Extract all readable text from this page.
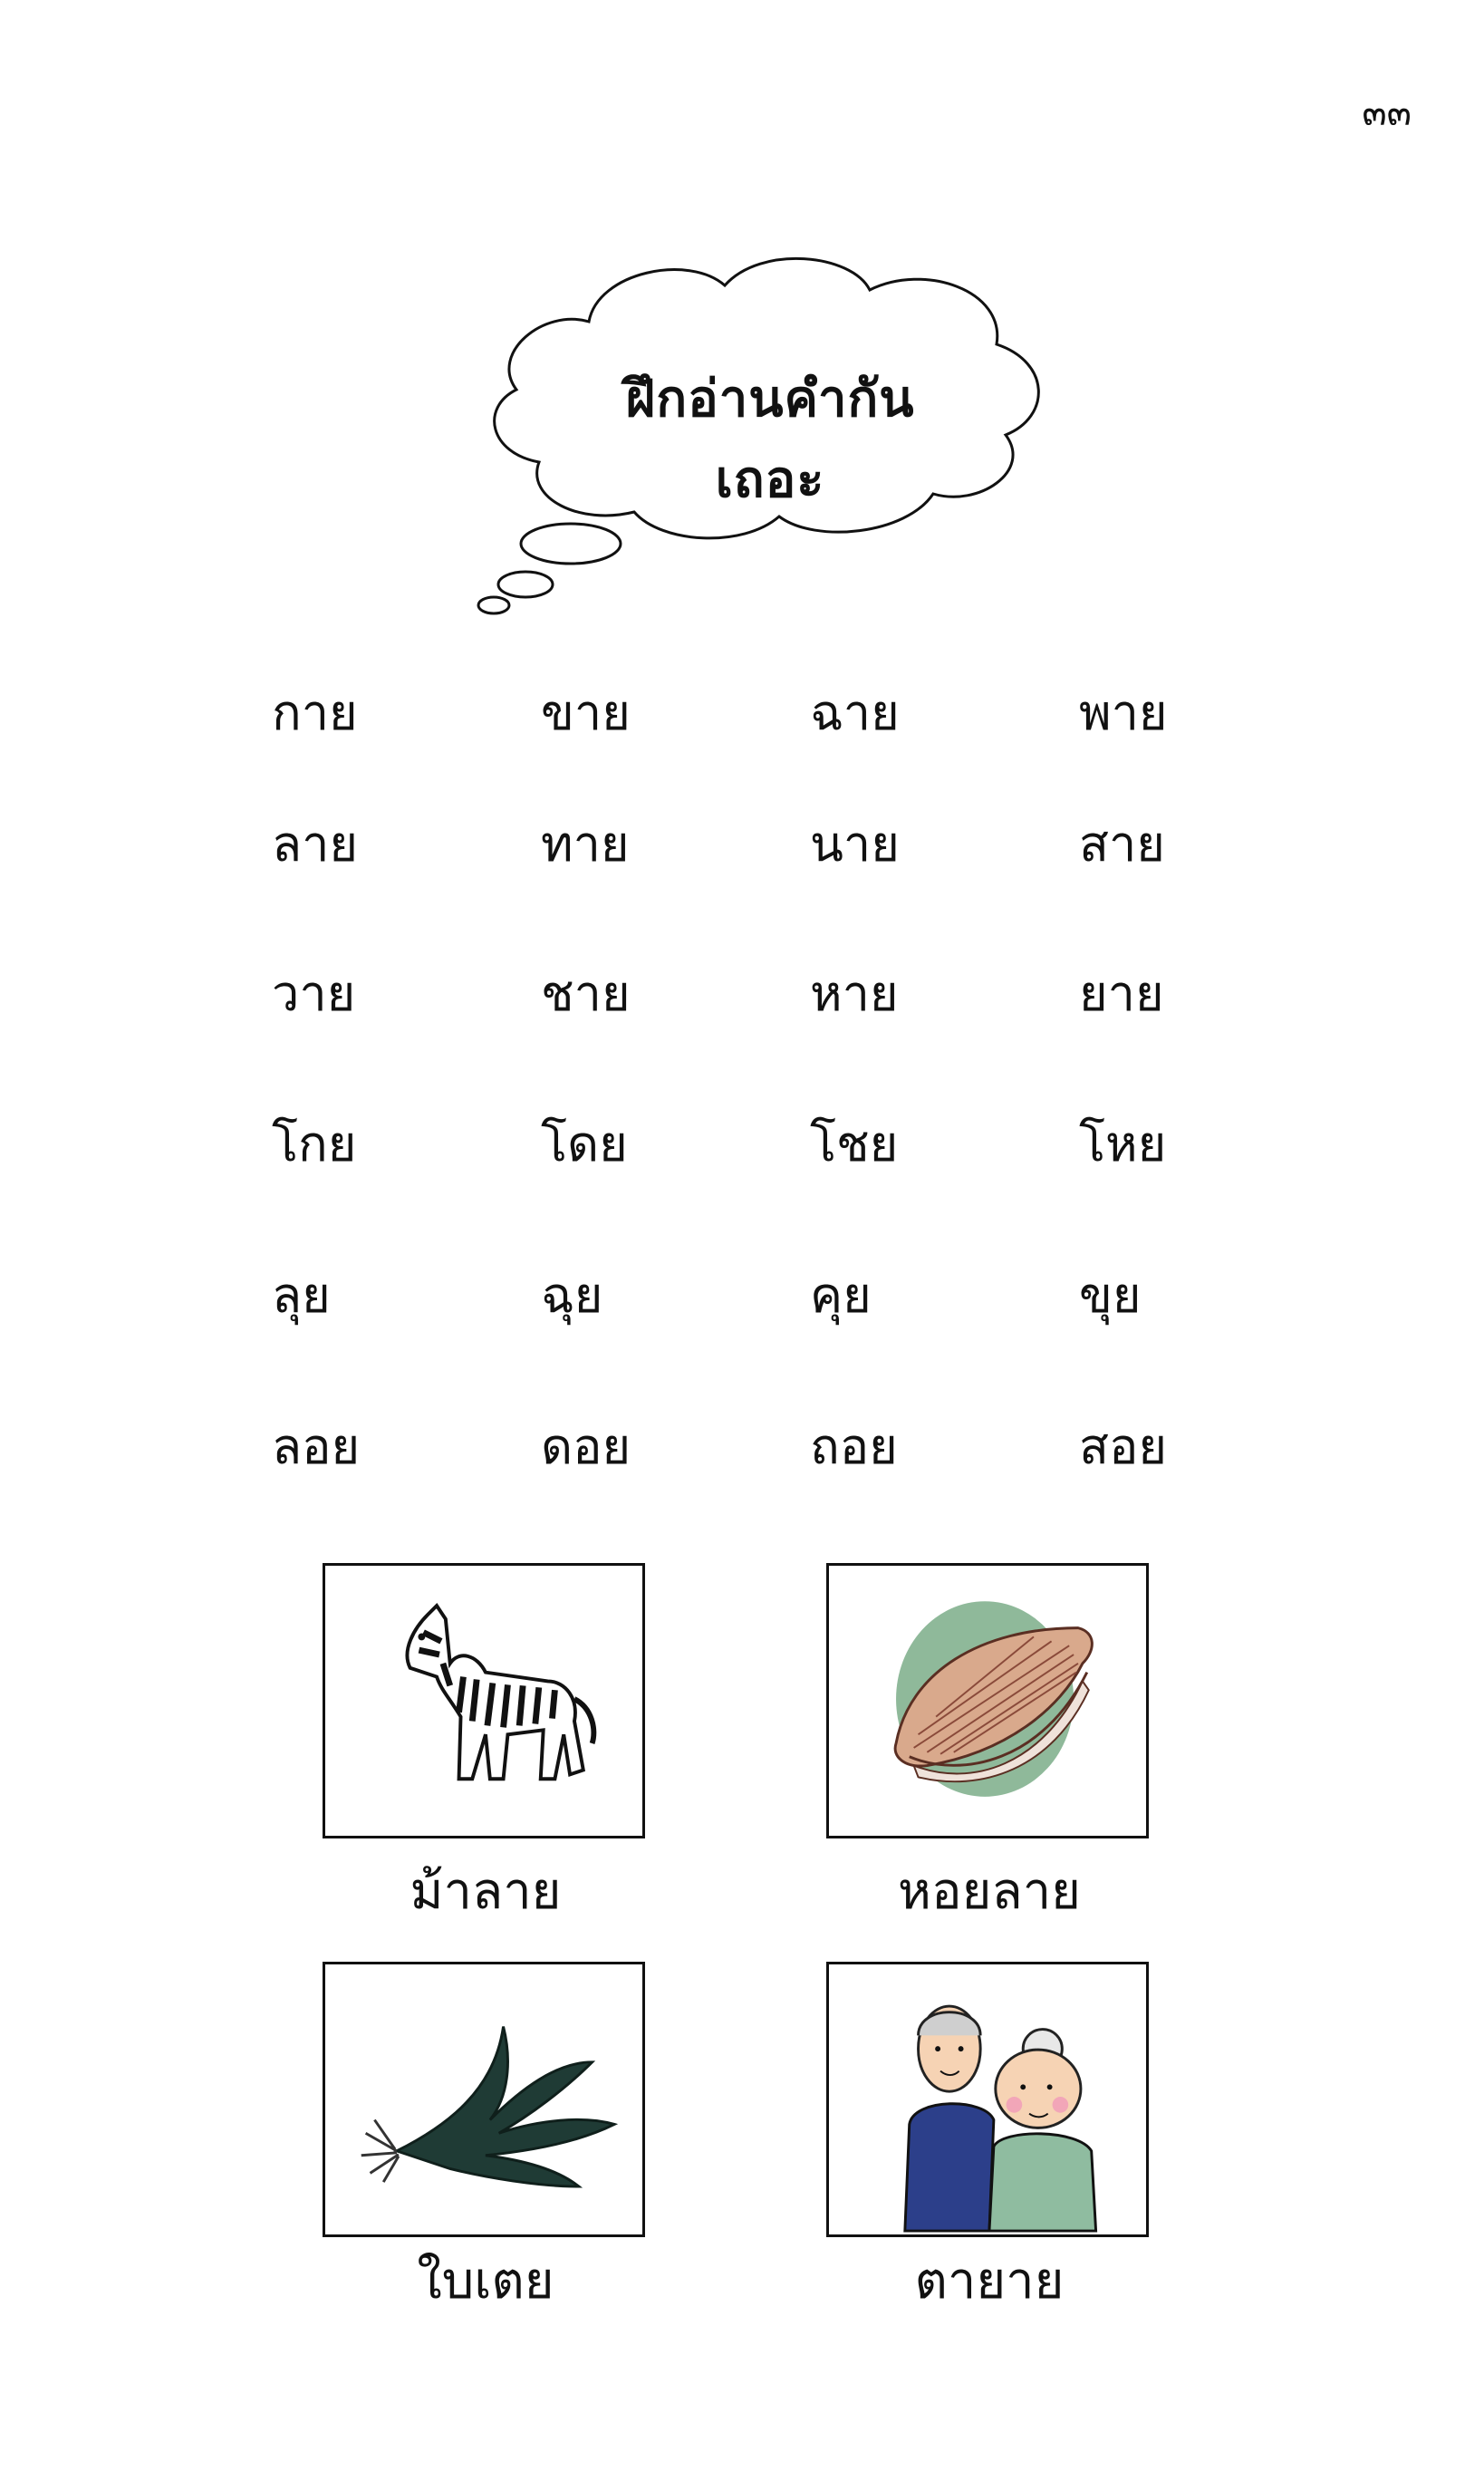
๓๓
ฝึกอ่านคำกันเถอะ
กาย	ขาย	ฉาย	พาย
ลาย	ทาย	นาย	สาย
วาย	ชาย	หาย	ยาย
โกย	โดย	โชย	โหย
ลุย	ฉุย	คุย	ขุย
ลอย	ดอย	ถอย	สอย
ม้าลาย	หอยลาย
ใบเตย	ตายาย
